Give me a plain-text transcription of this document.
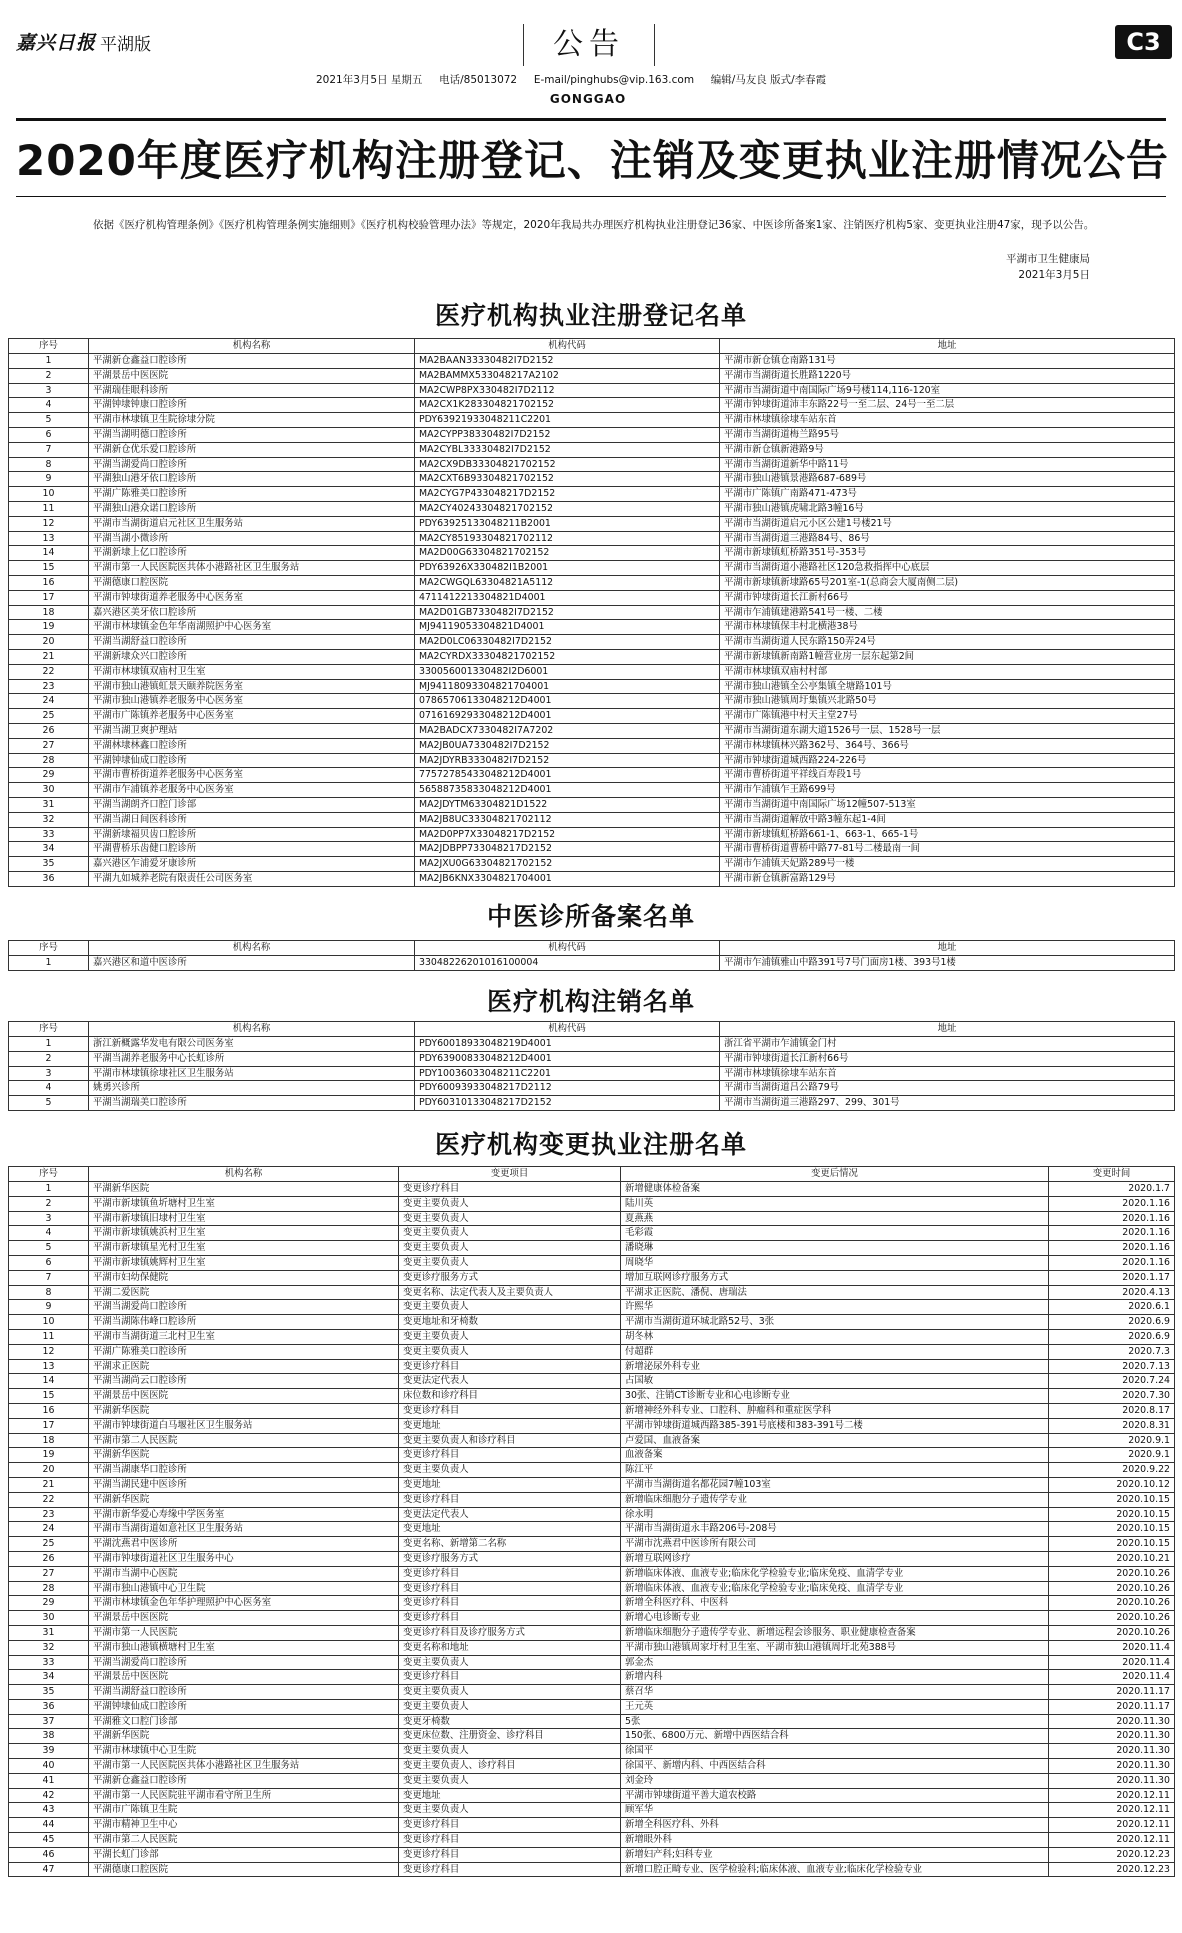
嘉兴日报 平湖版	公告
2021年3月5日 星期五 电话/85013072 E-mail/pinghubs@vip.163.com 编辑/马友良 版式/李春霞
GONGGAO
C3
2020年度医疗机构注册登记、注销及变更执业注册情况公告
依据《医疗机构管理条例》《医疗机构管理条例实施细则》《医疗机构校验管理办法》等规定，2020年我局共办理医疗机构执业注册登记36家、中医诊所备案1家、注销医疗机构5家、变更执业注册47家，现予以公告。
平湖市卫生健康局
2021年3月5日
医疗机构执业注册登记名单
序号	机构名称	机构代码	地址
1	平湖新仓鑫益口腔诊所	MA2BAAN33330482I7D2152	平湖市新仓镇仓南路131号
2	平湖景岳中医医院	MA2BAMMX533048217A2102	平湖市当湖街道长胜路1220号
3	平湖瑞佳眼科诊所	MA2CWP8PX330482I7D2112	平湖市当湖街道中南国际广场9号楼114,116-120室
4	平湖钟埭钟康口腔诊所	MA2CX1K283304821702152	平湖市钟埭街道沛丰东路22号一至二层、24号一至二层
5	平湖市林埭镇卫生院徐埭分院	PDY63921933048211C2201	平湖市林埭镇徐埭车站东首
6	平湖当湖明德口腔诊所	MA2CYPP38330482I7D2152	平湖市当湖街道梅兰路95号
7	平湖新仓优乐爱口腔诊所	MA2CYBL33330482I7D2152	平湖市新仓镇新港路9号
8	平湖当湖爱尚口腔诊所	MA2CX9DB33304821702152	平湖市当湖街道新华中路11号
9	平湖独山港牙依口腔诊所	MA2CXT6B93304821702152	平湖市独山港镇景港路687-689号
10	平湖广陈雅美口腔诊所	MA2CYG7P433048217D2152	平湖市广陈镇广南路471-473号
11	平湖独山港众诺口腔诊所	MA2CY40243304821702152	平湖市独山港镇虎啸北路3幢16号
12	平湖市当湖街道启元社区卫生服务站	PDY63925133048211B2001	平湖市当湖街道启元小区公建1号楼21号
13	平湖当湖小微诊所	MA2CY85193304821702112	平湖市当湖街道三港路84号、86号
14	平湖新埭上亿口腔诊所	MA2D00G63304821702152	平湖市新埭镇虹桥路351号-353号
15	平湖市第一人民医院医共体小港路社区卫生服务站	PDY63926X330482I1B2001	平湖市当湖街道小港路社区120急救指挥中心底层
16	平湖德康口腔医院	MA2CWGQL63304821A5112	平湖市新埭镇新埭路65号201室-1(总商会大厦南侧二层)
17	平湖市钟埭街道养老服务中心医务室	4711412213304821D4001	平湖市钟埭街道长江新村66号
18	嘉兴港区美牙依口腔诊所	MA2D01GB7330482I7D2152	平湖市乍浦镇建港路541号一楼、二楼
19	平湖市林埭镇金色年华南湖照护中心医务室	MJ94119053304821D4001	平湖市林埭镇保丰村北横港38号
20	平湖当湖舒益口腔诊所	MA2D0LC06330482I7D2152	平湖市当湖街道人民东路150弄24号
21	平湖新埭众兴口腔诊所	MA2CYRDX33304821702152	平湖市新埭镇新南路1幢营业房一层东起第2间
22	平湖市林埭镇双庙村卫生室	330056001330482I2D6001	平湖市林埭镇双庙村村部
23	平湖市独山港镇虹景天颐养院医务室	MJ94118093304821704001	平湖市独山港镇全公亭集镇全塘路101号
24	平湖市独山港镇养老服务中心医务室	07865706133048212D4001	平湖市独山港镇周圩集镇兴北路50号
25	平湖市广陈镇养老服务中心医务室	07161692933048212D4001	平湖市广陈镇港中村天主堂27号
26	平湖当湖卫爽护理站	MA2BADCX7330482I7A7202	平湖市当湖街道东湖大道1526号一层、1528号一层
27	平湖林埭林鑫口腔诊所	MA2JB0UA7330482I7D2152	平湖市林埭镇林兴路362号、364号、366号
28	平湖钟埭仙成口腔诊所	MA2JDYRB3330482I7D2152	平湖市钟埭街道城西路224-226号
29	平湖市曹桥街道养老服务中心医务室	77572785433048212D4001	平湖市曹桥街道平祥线百寿段1号
30	平湖市乍浦镇养老服务中心医务室	56588735833048212D4001	平湖市乍浦镇乍王路699号
31	平湖当湖朗齐口腔门诊部	MA2JDYTM63304821D1522	平湖市当湖街道中南国际广场12幢507-513室
32	平湖当湖日间医科诊所	MA2JB8UC33304821702112	平湖市当湖街道解放中路3幢东起1-4间
33	平湖新埭福贝齿口腔诊所	MA2D0PP7X33048217D2152	平湖市新埭镇虹桥路661-1、663-1、665-1号
34	平湖曹桥乐齿健口腔诊所	MA2JDBPP733048217D2152	平湖市曹桥街道曹桥中路77-81号二楼最南一间
35	嘉兴港区乍浦爱牙康诊所	MA2JXU0G63304821702152	平湖市乍浦镇天妃路289号一楼
36	平湖九如城养老院有限责任公司医务室	MA2JB6KNX3304821704001	平湖市新仓镇新富路129号
中医诊所备案名单
序号	机构名称	机构代码	地址
1	嘉兴港区和道中医诊所	33048226201016100004	平湖市乍浦镇雅山中路391号7号门面房1楼、393号1楼
医疗机构注销名单
序号	机构名称	机构代码	地址
1	浙江新概露华发电有限公司医务室	PDY60018933048219D4001	浙江省平湖市乍浦镇金门村
2	平湖当湖养老服务中心长虹诊所	PDY63900833048212D4001	平湖市钟埭街道长江新村66号
3	平湖市林埭镇徐埭社区卫生服务站	PDY10036033048211C2201	平湖市林埭镇徐埭车站东首
4	姚勇兴诊所	PDY60093933048217D2112	平湖市当湖街道吕公路79号
5	平湖当湖瑞美口腔诊所	PDY60310133048217D2152	平湖市当湖街道三港路297、299、301号
医疗机构变更执业注册名单
序号	机构名称	变更项目	变更后情况	变更时间
1	平湖新华医院	变更诊疗科目	新增健康体检备案	2020.1.7
2	平湖市新埭镇鱼圻塘村卫生室	变更主要负责人	陆川英	2020.1.16
3	平湖市新埭镇旧埭村卫生室	变更主要负责人	夏燕燕	2020.1.16
4	平湖市新埭镇姚浜村卫生室	变更主要负责人	毛彩霞	2020.1.16
5	平湖市新埭镇星光村卫生室	变更主要负责人	潘晓琳	2020.1.16
6	平湖市新埭镇姚辉村卫生室	变更主要负责人	周晓华	2020.1.16
7	平湖市妇幼保健院	变更诊疗服务方式	增加互联网诊疗服务方式	2020.1.17
8	平湖二爱医院	变更名称、法定代表人及主要负责人	平湖求正医院、潘倪、唐瑞法	2020.4.13
9	平湖当湖爱尚口腔诊所	变更主要负责人	许熙华	2020.6.1
10	平湖当湖陈伟峰口腔诊所	变更地址和牙椅数	平湖市当湖街道环城北路52号、3张	2020.6.9
11	平湖市当湖街道三北村卫生室	变更主要负责人	胡冬林	2020.6.9
12	平湖广陈雅美口腔诊所	变更主要负责人	付超群	2020.7.3
13	平湖求正医院	变更诊疗科目	新增泌尿外科专业	2020.7.13
14	平湖当湖尚云口腔诊所	变更法定代表人	占国敏	2020.7.24
15	平湖景岳中医医院	床位数和诊疗科目	30张、注销CT诊断专业和心电诊断专业	2020.7.30
16	平湖新华医院	变更诊疗科目	新增神经外科专业、口腔科、肿瘤科和重症医学科	2020.8.17
17	平湖市钟埭街道白马堰社区卫生服务站	变更地址	平湖市钟埭街道城西路385-391号底楼和383-391号二楼	2020.8.31
18	平湖市第二人民医院	变更主要负责人和诊疗科目	卢爱国、血液备案	2020.9.1
19	平湖新华医院	变更诊疗科目	血液备案	2020.9.1
20	平湖当湖康华口腔诊所	变更主要负责人	陈江平	2020.9.22
21	平湖当湖民建中医诊所	变更地址	平湖市当湖街道名都花园7幢103室	2020.10.12
22	平湖新华医院	变更诊疗科目	新增临床细胞分子遗传学专业	2020.10.15
23	平湖市新华爱心寿缘中学医务室	变更法定代表人	徐永明	2020.10.15
24	平湖市当湖街道如意社区卫生服务站	变更地址	平湖市当湖街道永丰路206号-208号	2020.10.15
25	平湖沈燕君中医诊所	变更名称、新增第二名称	平湖市沈燕君中医诊所有限公司	2020.10.15
26	平湖市钟埭街道社区卫生服务中心	变更诊疗服务方式	新增互联网诊疗	2020.10.21
27	平湖市当湖中心医院	变更诊疗科目	新增临床体液、血液专业;临床化学检验专业;临床免疫、血清学专业	2020.10.26
28	平湖市独山港镇中心卫生院	变更诊疗科目	新增临床体液、血液专业;临床化学检验专业;临床免疫、血清学专业	2020.10.26
29	平湖市林埭镇金色年华护理照护中心医务室	变更诊疗科目	新增全科医疗科、中医科	2020.10.26
30	平湖景岳中医医院	变更诊疗科目	新增心电诊断专业	2020.10.26
31	平湖市第一人民医院	变更诊疗科目及诊疗服务方式	新增临床细胞分子遗传学专业、新增远程会诊服务、职业健康检查备案	2020.10.26
32	平湖市独山港镇横塘村卫生室	变更名称和地址	平湖市独山港镇周家圩村卫生室、平湖市独山港镇周圩北苑388号	2020.11.4
33	平湖当湖爱尚口腔诊所	变更主要负责人	郭金杰	2020.11.4
34	平湖景岳中医医院	变更诊疗科目	新增内科	2020.11.4
35	平湖当湖舒益口腔诊所	变更主要负责人	蔡召华	2020.11.17
36	平湖钟埭仙成口腔诊所	变更主要负责人	王元英	2020.11.17
37	平湖雅文口腔门诊部	变更牙椅数	5张	2020.11.30
38	平湖新华医院	变更床位数、注册资金、诊疗科目	150张、6800万元、新增中西医结合科	2020.11.30
39	平湖市林埭镇中心卫生院	变更主要负责人	徐国平	2020.11.30
40	平湖市第一人民医院医共体小港路社区卫生服务站	变更主要负责人、诊疗科目	徐国平、新增内科、中西医结合科	2020.11.30
41	平湖新仓鑫益口腔诊所	变更主要负责人	刘金玲	2020.11.30
42	平湖市第一人民医院驻平湖市看守所卫生所	变更地址	平湖市钟埭街道平善大道农校路	2020.12.11
43	平湖市广陈镇卫生院	变更主要负责人	顾军华	2020.12.11
44	平湖市精神卫生中心	变更诊疗科目	新增全科医疗科、外科	2020.12.11
45	平湖市第二人民医院	变更诊疗科目	新增眼外科	2020.12.11
46	平湖长虹门诊部	变更诊疗科目	新增妇产科;妇科专业	2020.12.23
47	平湖德康口腔医院	变更诊疗科目	新增口腔正畸专业、医学检验科;临床体液、血液专业;临床化学检验专业	2020.12.23
